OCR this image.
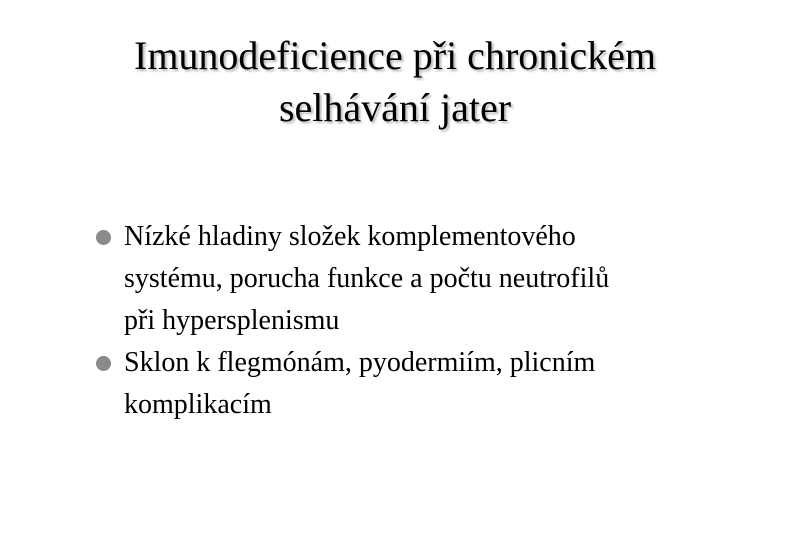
Imunodeficience při chronickém
selhávání jater
Nízké hladiny složek komplementového
systému, porucha funkce a počtu neutrofilů
při hypersplenismu
Sklon k flegmónám, pyodermiím, plicním
komplikacím
